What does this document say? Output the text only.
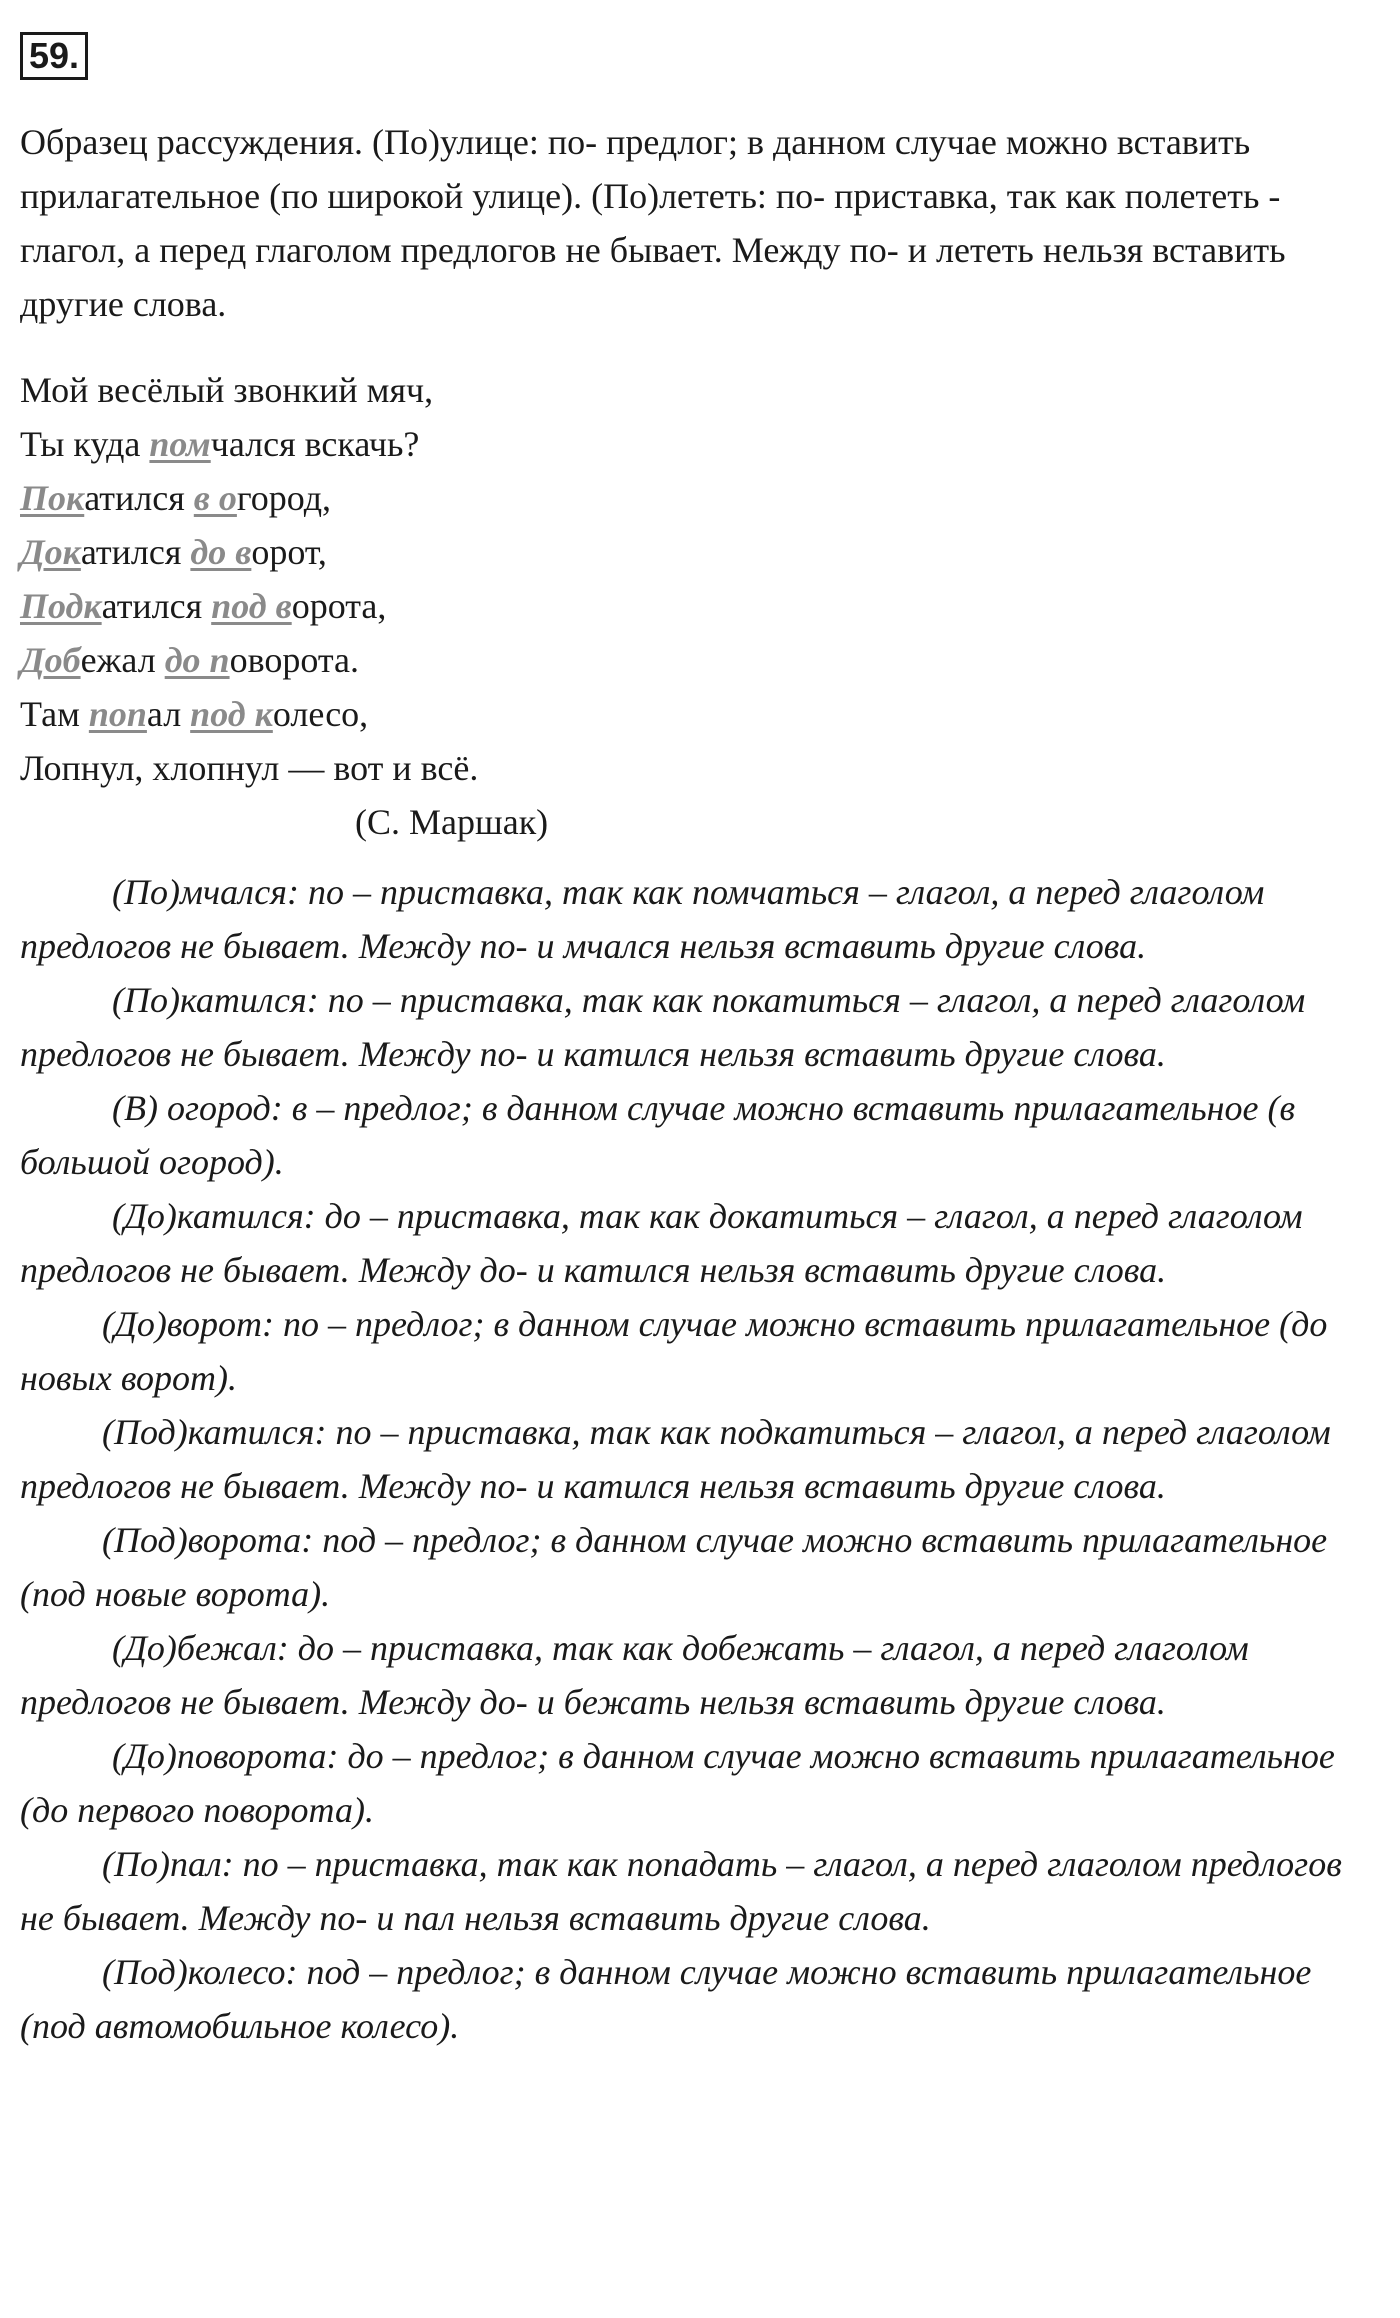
59.

Образец рассуждения. (По)улице: по- предлог; в данном случае можно вставить прилагательное (по широкой улице). (По)лететь: по- приставка, так как полететь - глагол, а перед глаголом предлогов не бывает. Между по- и лететь нельзя вставить другие слова.

Мой весёлый звонкий мяч,
Ты куда помчался вскачь?
Покатился в огород,
Докатился до ворот,
Подкатился под ворота,
Добежал до поворота.
Там попал под колесо,
Лопнул, хлопнул — вот и всё.
(С. Маршак)

(По)мчался: по – приставка, так как помчаться – глагол, а перед глаголом предлогов не бывает. Между по- и мчался нельзя вставить другие слова.

(По)катился: по – приставка, так как покатиться – глагол, а перед глаголом предлогов не бывает. Между по- и катился нельзя вставить другие слова.

(В) огород: в – предлог; в данном случае можно вставить прилагательное (в большой огород).

(До)катился: до – приставка, так как докатиться – глагол, а перед глаголом предлогов не бывает. Между до- и катился нельзя вставить другие слова.

(До)ворот: по – предлог; в данном случае можно вставить прилагательное (до новых ворот).

(Под)катился: по – приставка, так как подкатиться – глагол, а перед глаголом предлогов не бывает. Между по- и катился нельзя вставить другие слова.

(Под)ворота: под – предлог; в данном случае можно вставить прилагательное (под новые ворота).

(До)бежал: до – приставка, так как добежать – глагол, а перед глаголом предлогов не бывает. Между до- и бежать нельзя вставить другие слова.

(До)поворота: до – предлог; в данном случае можно вставить прилагательное (до первого поворота).

(По)пал: по – приставка, так как попадать – глагол, а перед глаголом предлогов не бывает. Между по- и пал нельзя вставить другие слова.

(Под)колесо: под – предлог; в данном случае можно вставить прилагательное (под автомобильное колесо).
